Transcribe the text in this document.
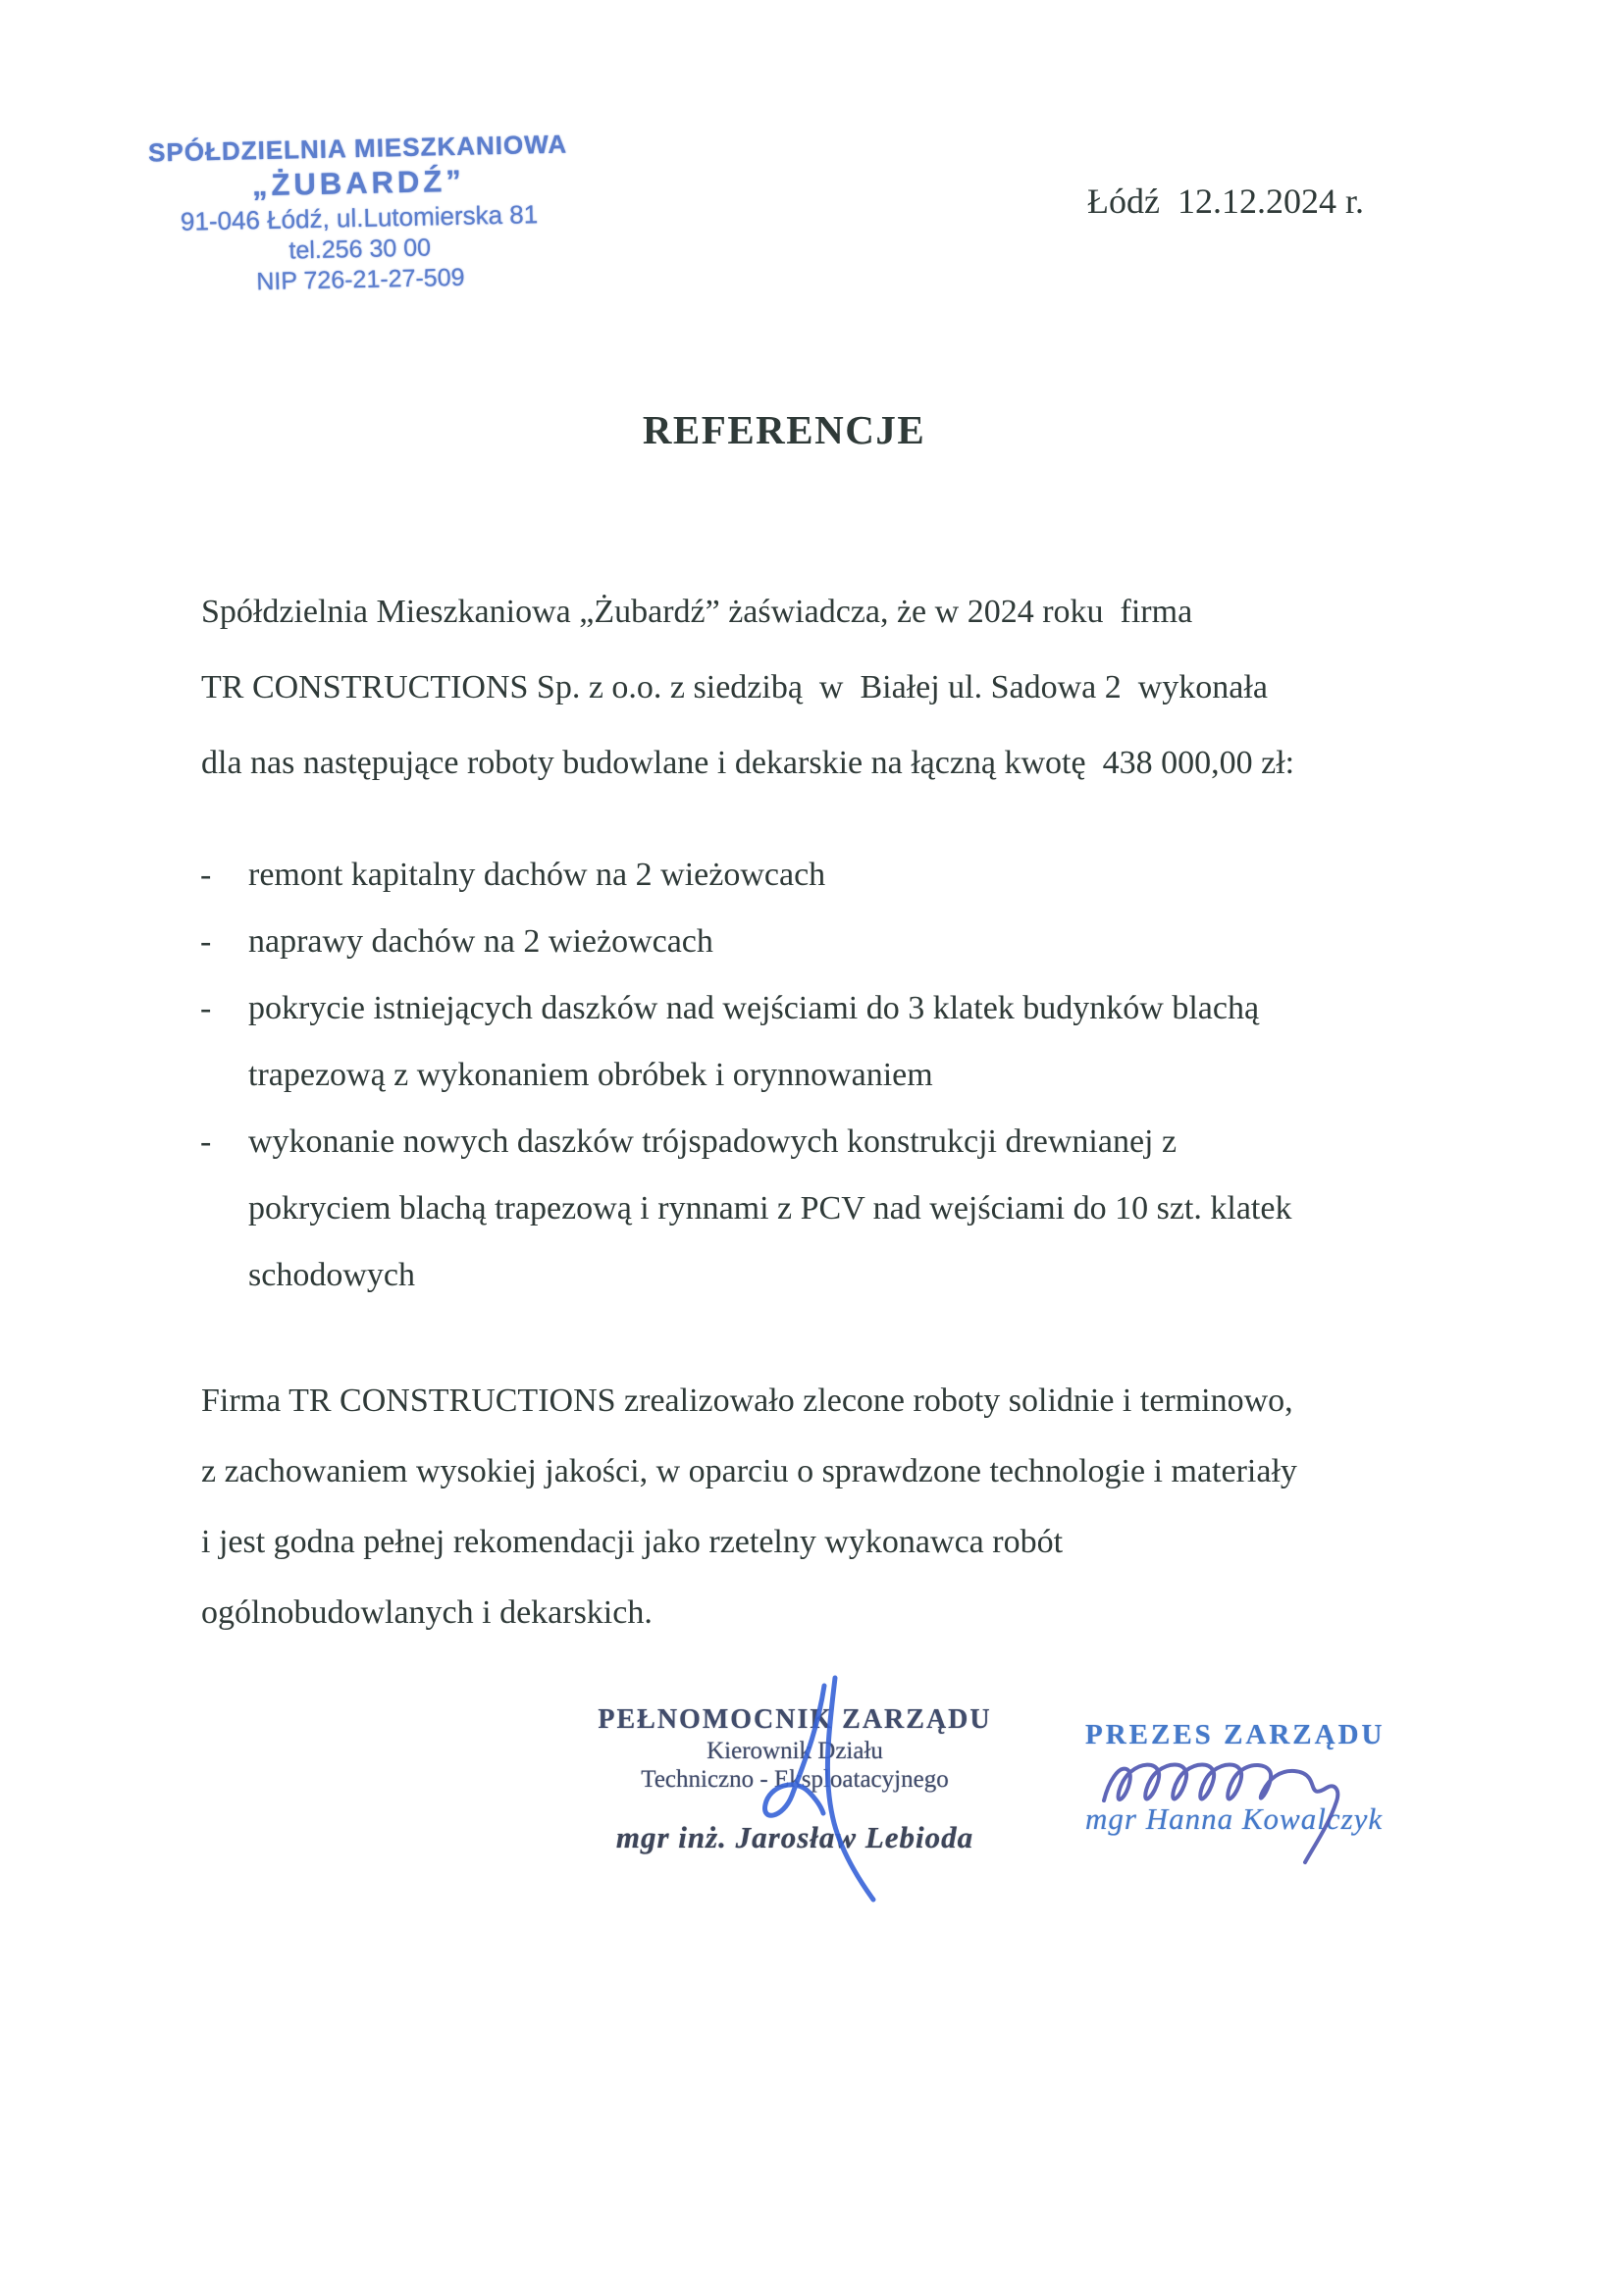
SPÓŁDZIELNIA MIESZKANIOWA
„ŻUBARDŹ”
91-046 Łódź, ul.Lutomierska 81
tel.256 30 00
NIP 726-21-27-509
Łódź  12.12.2024 r.
REFERENCJE
Spółdzielnia Mieszkaniowa „Żubardź” żaświadcza, że w 2024 roku  firma
TR CONSTRUCTIONS Sp. z o.o. z siedzibą  w  Białej ul. Sadowa 2  wykonała
dla nas następujące roboty budowlane i dekarskie na łączną kwotę  438 000,00 zł:
- remont kapitalny dachów na 2 wieżowcach
- naprawy dachów na 2 wieżowcach
- pokrycie istniejących daszków nad wejściami do 3 klatek budynków blachą
trapezową z wykonaniem obróbek i orynnowaniem
- wykonanie nowych daszków trójspadowych konstrukcji drewnianej z
pokryciem blachą trapezową i rynnami z PCV nad wejściami do 10 szt. klatek
schodowych
Firma TR CONSTRUCTIONS zrealizowało zlecone roboty solidnie i terminowo,
z zachowaniem wysokiej jakości, w oparciu o sprawdzone technologie i materiały
i jest godna pełnej rekomendacji jako rzetelny wykonawca robót
ogólnobudowlanych i dekarskich.
PEŁNOMOCNIK ZARZĄDU
Kierownik Działu
Techniczno - Eksploatacyjnego
mgr inż. Jarosław Lebioda
PREZES ZARZĄDU
mgr Hanna Kowalczyk
